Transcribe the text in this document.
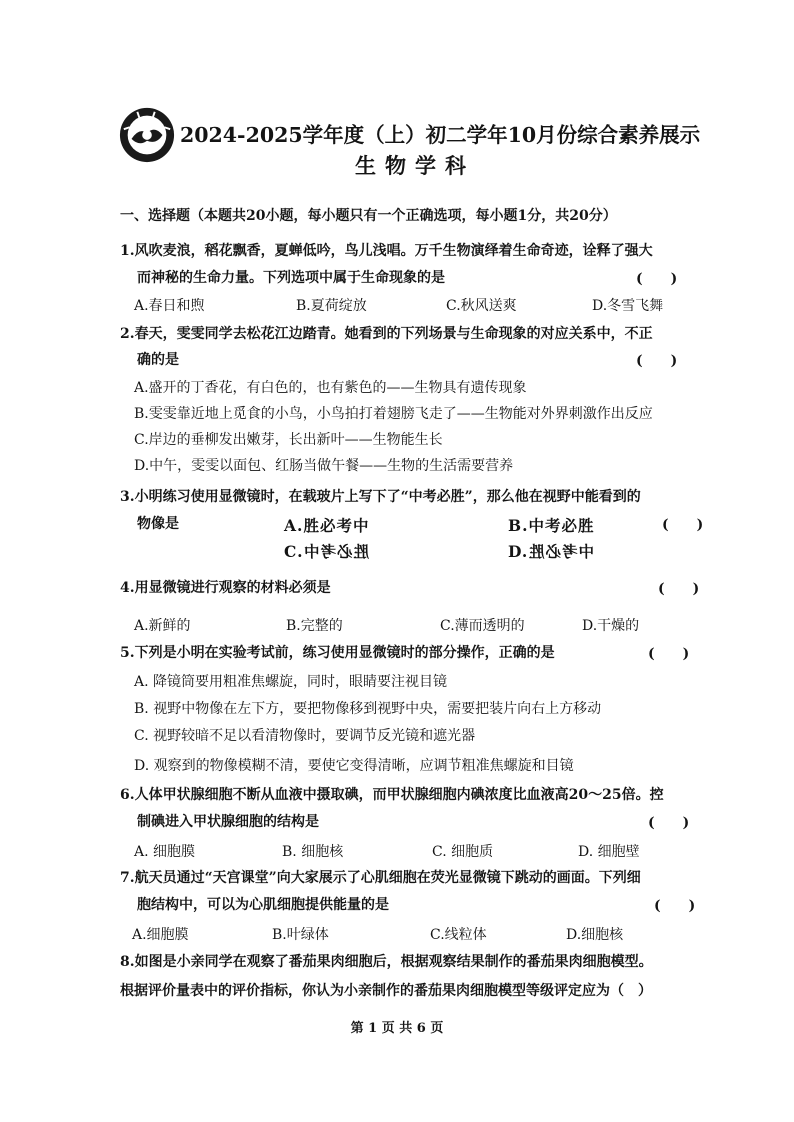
2024-2025学年度（上）初二学年10月份综合素养展示
生物学科
一、选择题（本题共20小题，每小题只有一个正确选项，每小题1分，共20分）
1.风吹麦浪，稻花飘香，夏蝉低吟，鸟儿浅唱。万千生物演绎着生命奇迹，诠释了强大
而神秘的生命力量。下列选项中属于生命现象的是	(　　)
A.春日和煦	B.夏荷绽放	C.秋风送爽	D.冬雪飞舞
2.春天，雯雯同学去松花江边踏青。她看到的下列场景与生命现象的对应关系中，不正
确的是	(　　)
A.盛开的丁香花，有白色的，也有紫色的——生物具有遗传现象
B.雯雯靠近地上觅食的小鸟，小鸟拍打着翅膀飞走了——生物能对外界刺激作出反应
C.岸边的垂柳发出嫩芽，长出新叶——生物能生长
D.中午，雯雯以面包、红肠当做午餐——生物的生活需要营养
3.小明练习使用显微镜时，在载玻片上写下了“中考必胜”，那么他在视野中能看到的
物像是	A.胜必考中	B.中考必胜	(　　)
C.胜必考中	D.中考必胜
4.用显微镜进行观察的材料必须是	(　　)
A.新鲜的	B.完整的	C.薄而透明的	D.干燥的
5.下列是小明在实验考试前，练习使用显微镜时的部分操作，正确的是	(　　)
A. 降镜筒要用粗准焦螺旋，同时，眼睛要注视目镜
B. 视野中物像在左下方，要把物像移到视野中央，需要把装片向右上方移动
C. 视野较暗不足以看清物像时，要调节反光镜和遮光器
D. 观察到的物像模糊不清，要使它变得清晰，应调节粗准焦螺旋和目镜
6.人体甲状腺细胞不断从血液中摄取碘，而甲状腺细胞内碘浓度比血液高20～25倍。控
制碘进入甲状腺细胞的结构是	(　　)
A. 细胞膜	B. 细胞核	C. 细胞质	D. 细胞壁
7.航天员通过“天宫课堂”向大家展示了心肌细胞在荧光显微镜下跳动的画面。下列细
胞结构中，可以为心肌细胞提供能量的是	(　　)
A.细胞膜	B.叶绿体	C.线粒体	D.细胞核
8.如图是小亲同学在观察了番茄果肉细胞后，根据观察结果制作的番茄果肉细胞模型。
根据评价量表中的评价指标，你认为小亲制作的番茄果肉细胞模型等级评定应为（　）
第 1 页 共 6 页
